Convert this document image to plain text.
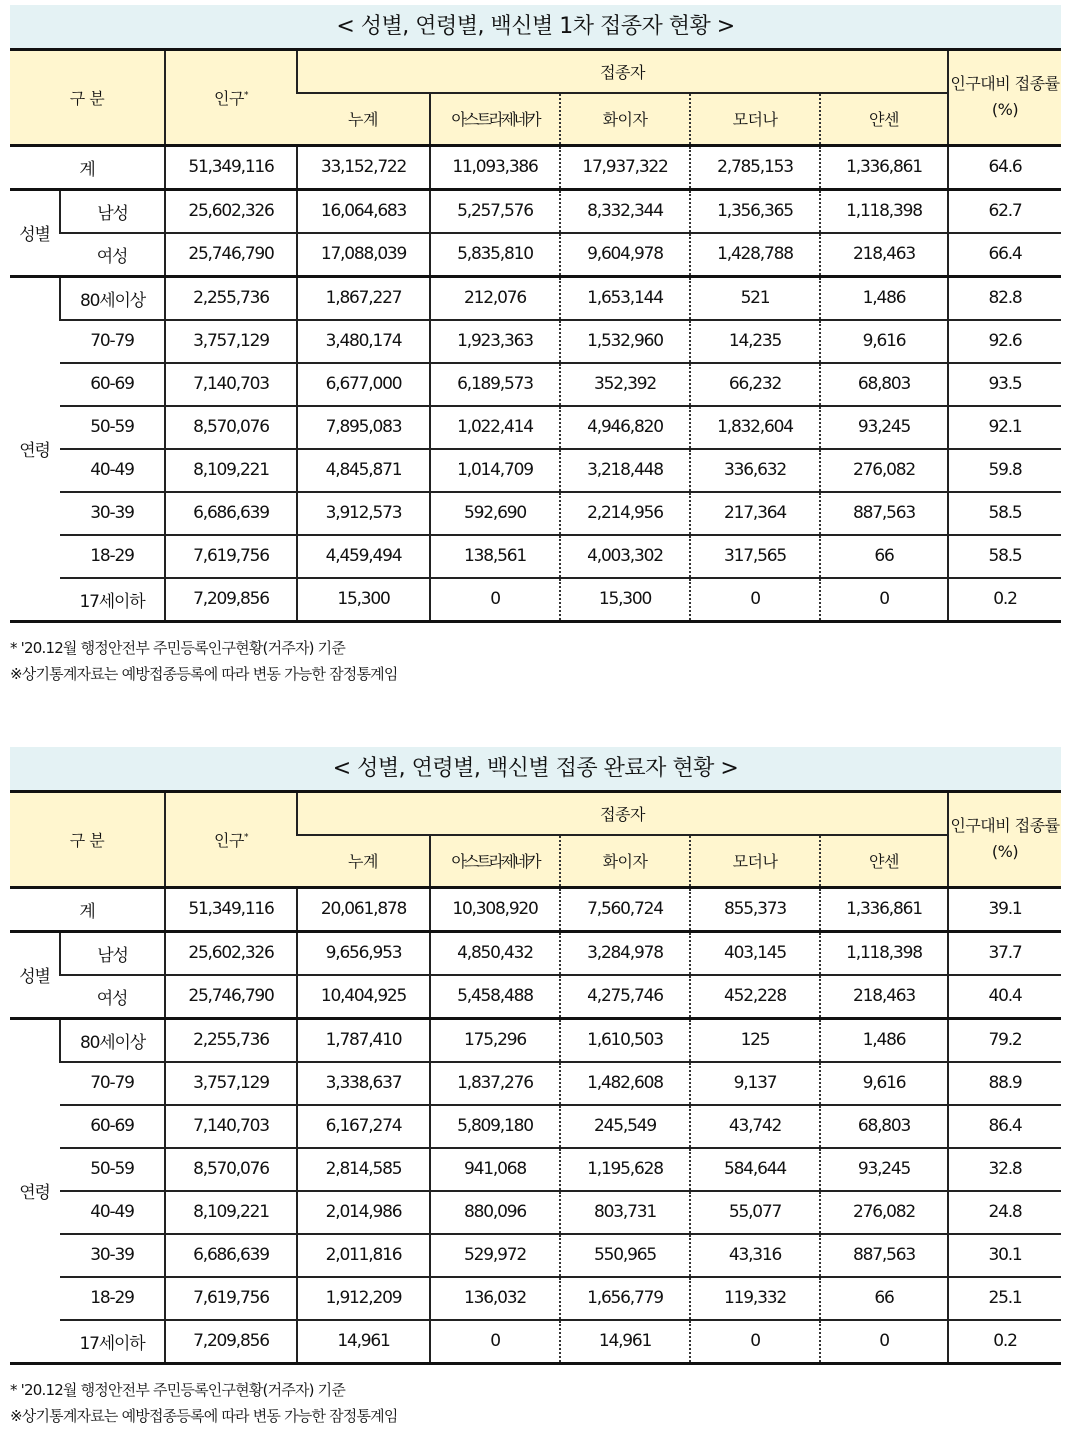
< 성별, 연령별, 백신별 1차 접종자 현황 >
구 분		인구*	접종자					인구대비 접종률(%)
			누계	아스트라제네카	화이자	모더나	얀센	
계		51,349,116	33,152,722	11,093,386	17,937,322	2,785,153	1,336,861	64.6
성별	남성	25,602,326	16,064,683	5,257,576	8,332,344	1,356,365	1,118,398	62.7
	여성	25,746,790	17,088,039	5,835,810	9,604,978	1,428,788	218,463	66.4
연령	80세이상	2,255,736	1,867,227	212,076	1,653,144	521	1,486	82.8
	70-79	3,757,129	3,480,174	1,923,363	1,532,960	14,235	9,616	92.6
	60-69	7,140,703	6,677,000	6,189,573	352,392	66,232	68,803	93.5
	50-59	8,570,076	7,895,083	1,022,414	4,946,820	1,832,604	93,245	92.1
	40-49	8,109,221	4,845,871	1,014,709	3,218,448	336,632	276,082	59.8
	30-39	6,686,639	3,912,573	592,690	2,214,956	217,364	887,563	58.5
	18-29	7,619,756	4,459,494	138,561	4,003,302	317,565	66	58.5
	17세이하	7,209,856	15,300	0	15,300	0	0	0.2
* '20.12월 행정안전부 주민등록인구현황(거주자) 기준
※상기통계자료는 예방접종등록에 따라 변동 가능한 잠정통계임
< 성별, 연령별, 백신별 접종 완료자 현황 >
구 분		인구*	접종자					인구대비 접종률(%)
			누계	아스트라제네카	화이자	모더나	얀센	
계		51,349,116	20,061,878	10,308,920	7,560,724	855,373	1,336,861	39.1
성별	남성	25,602,326	9,656,953	4,850,432	3,284,978	403,145	1,118,398	37.7
	여성	25,746,790	10,404,925	5,458,488	4,275,746	452,228	218,463	40.4
연령	80세이상	2,255,736	1,787,410	175,296	1,610,503	125	1,486	79.2
	70-79	3,757,129	3,338,637	1,837,276	1,482,608	9,137	9,616	88.9
	60-69	7,140,703	6,167,274	5,809,180	245,549	43,742	68,803	86.4
	50-59	8,570,076	2,814,585	941,068	1,195,628	584,644	93,245	32.8
	40-49	8,109,221	2,014,986	880,096	803,731	55,077	276,082	24.8
	30-39	6,686,639	2,011,816	529,972	550,965	43,316	887,563	30.1
	18-29	7,619,756	1,912,209	136,032	1,656,779	119,332	66	25.1
	17세이하	7,209,856	14,961	0	14,961	0	0	0.2
* '20.12월 행정안전부 주민등록인구현황(거주자) 기준
※상기통계자료는 예방접종등록에 따라 변동 가능한 잠정통계임
